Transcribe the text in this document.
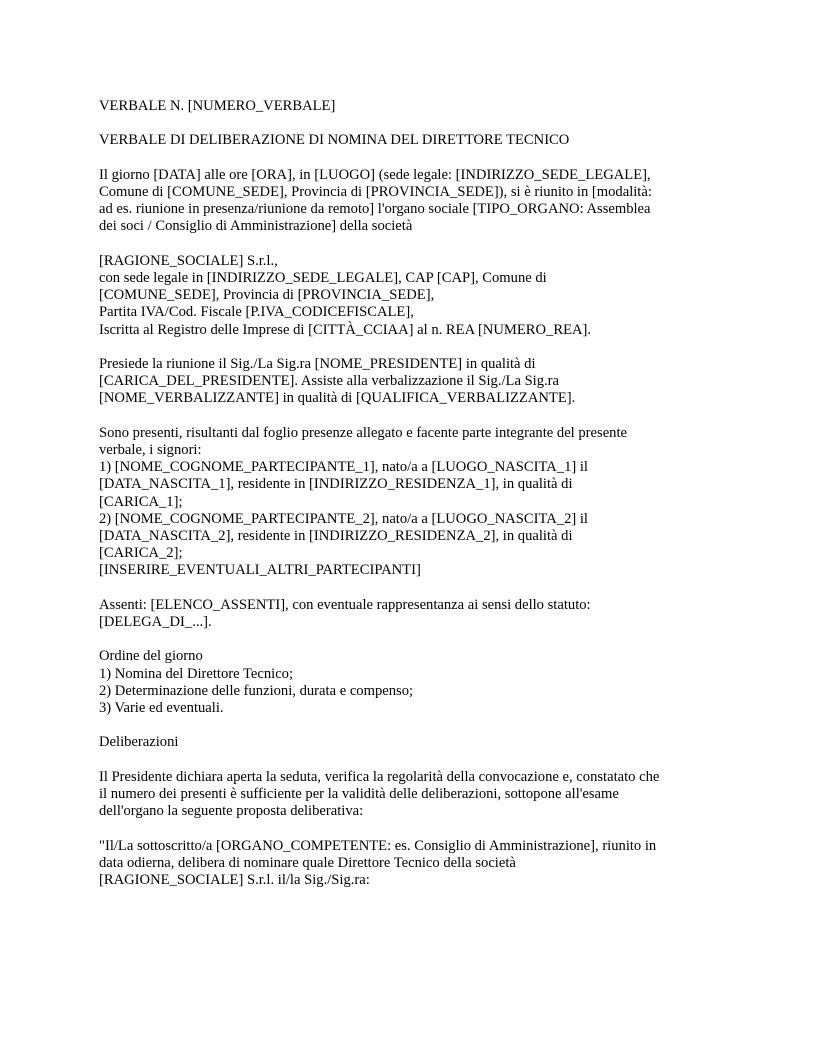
VERBALE N. [NUMERO_VERBALE]
VERBALE DI DELIBERAZIONE DI NOMINA DEL DIRETTORE TECNICO
Il giorno [DATA] alle ore [ORA], in [LUOGO] (sede legale: [INDIRIZZO_SEDE_LEGALE],
Comune di [COMUNE_SEDE], Provincia di [PROVINCIA_SEDE]), si è riunito in [modalità:
ad es. riunione in presenza/riunione da remoto] l'organo sociale [TIPO_ORGANO: Assemblea
dei soci / Consiglio di Amministrazione] della società
[RAGIONE_SOCIALE] S.r.l.,
con sede legale in [INDIRIZZO_SEDE_LEGALE], CAP [CAP], Comune di
[COMUNE_SEDE], Provincia di [PROVINCIA_SEDE],
Partita IVA/Cod. Fiscale [P.IVA_CODICEFISCALE],
Iscritta al Registro delle Imprese di [CITTÀ_CCIAA] al n. REA [NUMERO_REA].
Presiede la riunione il Sig./La Sig.ra [NOME_PRESIDENTE] in qualità di
[CARICA_DEL_PRESIDENTE]. Assiste alla verbalizzazione il Sig./La Sig.ra
[NOME_VERBALIZZANTE] in qualità di [QUALIFICA_VERBALIZZANTE].
Sono presenti, risultanti dal foglio presenze allegato e facente parte integrante del presente
verbale, i signori:
1) [NOME_COGNOME_PARTECIPANTE_1], nato/a a [LUOGO_NASCITA_1] il
[DATA_NASCITA_1], residente in [INDIRIZZO_RESIDENZA_1], in qualità di
[CARICA_1];
2) [NOME_COGNOME_PARTECIPANTE_2], nato/a a [LUOGO_NASCITA_2] il
[DATA_NASCITA_2], residente in [INDIRIZZO_RESIDENZA_2], in qualità di
[CARICA_2];
[INSERIRE_EVENTUALI_ALTRI_PARTECIPANTI]
Assenti: [ELENCO_ASSENTI], con eventuale rappresentanza ai sensi dello statuto:
[DELEGA_DI_...].
Ordine del giorno
1) Nomina del Direttore Tecnico;
2) Determinazione delle funzioni, durata e compenso;
3) Varie ed eventuali.
Deliberazioni
Il Presidente dichiara aperta la seduta, verifica la regolarità della convocazione e, constatato che
il numero dei presenti è sufficiente per la validità delle deliberazioni, sottopone all'esame
dell'organo la seguente proposta deliberativa:
"Il/La sottoscritto/a [ORGANO_COMPETENTE: es. Consiglio di Amministrazione], riunito in
data odierna, delibera di nominare quale Direttore Tecnico della società
[RAGIONE_SOCIALE] S.r.l. il/la Sig./Sig.ra:
